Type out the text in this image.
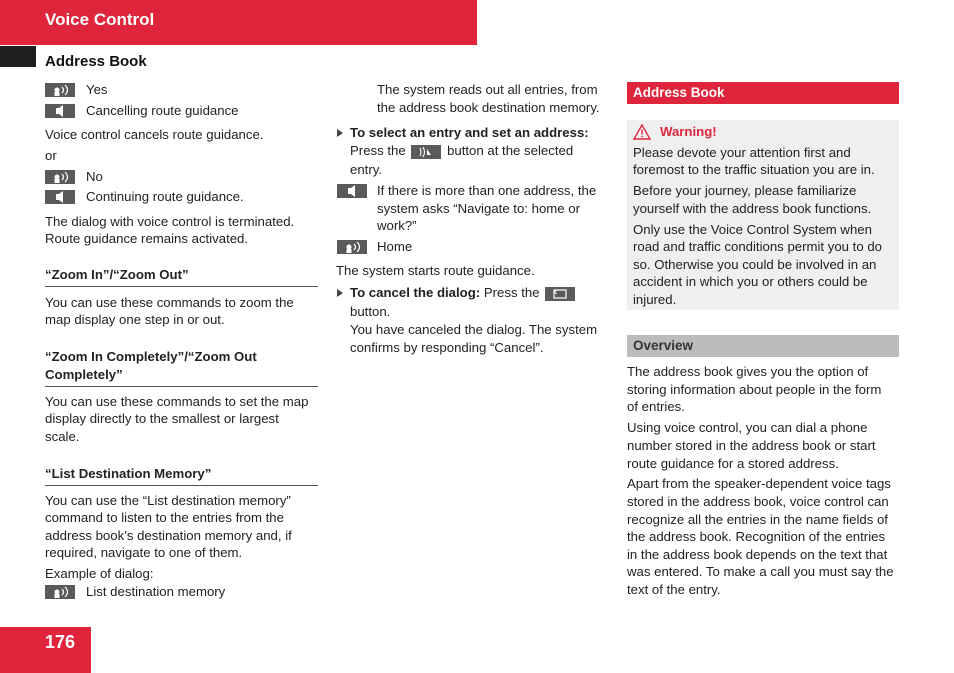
Voice Control
Address Book
Yes
Cancelling route guidance
Voice control cancels route guidance.
or
No
Continuing route guidance.
The dialog with voice control is terminated.
Route guidance remains activated.
“Zoom In”/“Zoom Out”
You can use these commands to zoom the
map display one step in or out.
“Zoom In Completely”/“Zoom Out
Completely”
You can use these commands to set the map
display directly to the smallest or largest
scale.
“List Destination Memory”
You can use the “List destination memory”
command to listen to the entries from the
address book’s destination memory and, if
required, navigate to one of them.
Example of dialog:
List destination memory
The system reads out all entries, from
the address book destination memory.
To select an entry and set an address:
Press the	button at the selected
entry.
If there is more than one address, the
system asks “Navigate to: home or
work?”
Home
The system starts route guidance.
To cancel the dialog: Press the
button.
You have canceled the dialog. The system
confirms by responding “Cancel”.
Address Book
Warning!
Please devote your attention first and
foremost to the traffic situation you are in.
Before your journey, please familiarize
yourself with the address book functions.
Only use the Voice Control System when
road and traffic conditions permit you to do
so. Otherwise you could be involved in an
accident in which you or others could be
injured.
Overview
The address book gives you the option of
storing information about people in the form
of entries.
Using voice control, you can dial a phone
number stored in the address book or start
route guidance for a stored address.
Apart from the speaker-dependent voice tags
stored in the address book, voice control can
recognize all the entries in the name fields of
the address book. Recognition of the entries
in the address book depends on the text that
was entered. To make a call you must say the
text of the entry.
176
